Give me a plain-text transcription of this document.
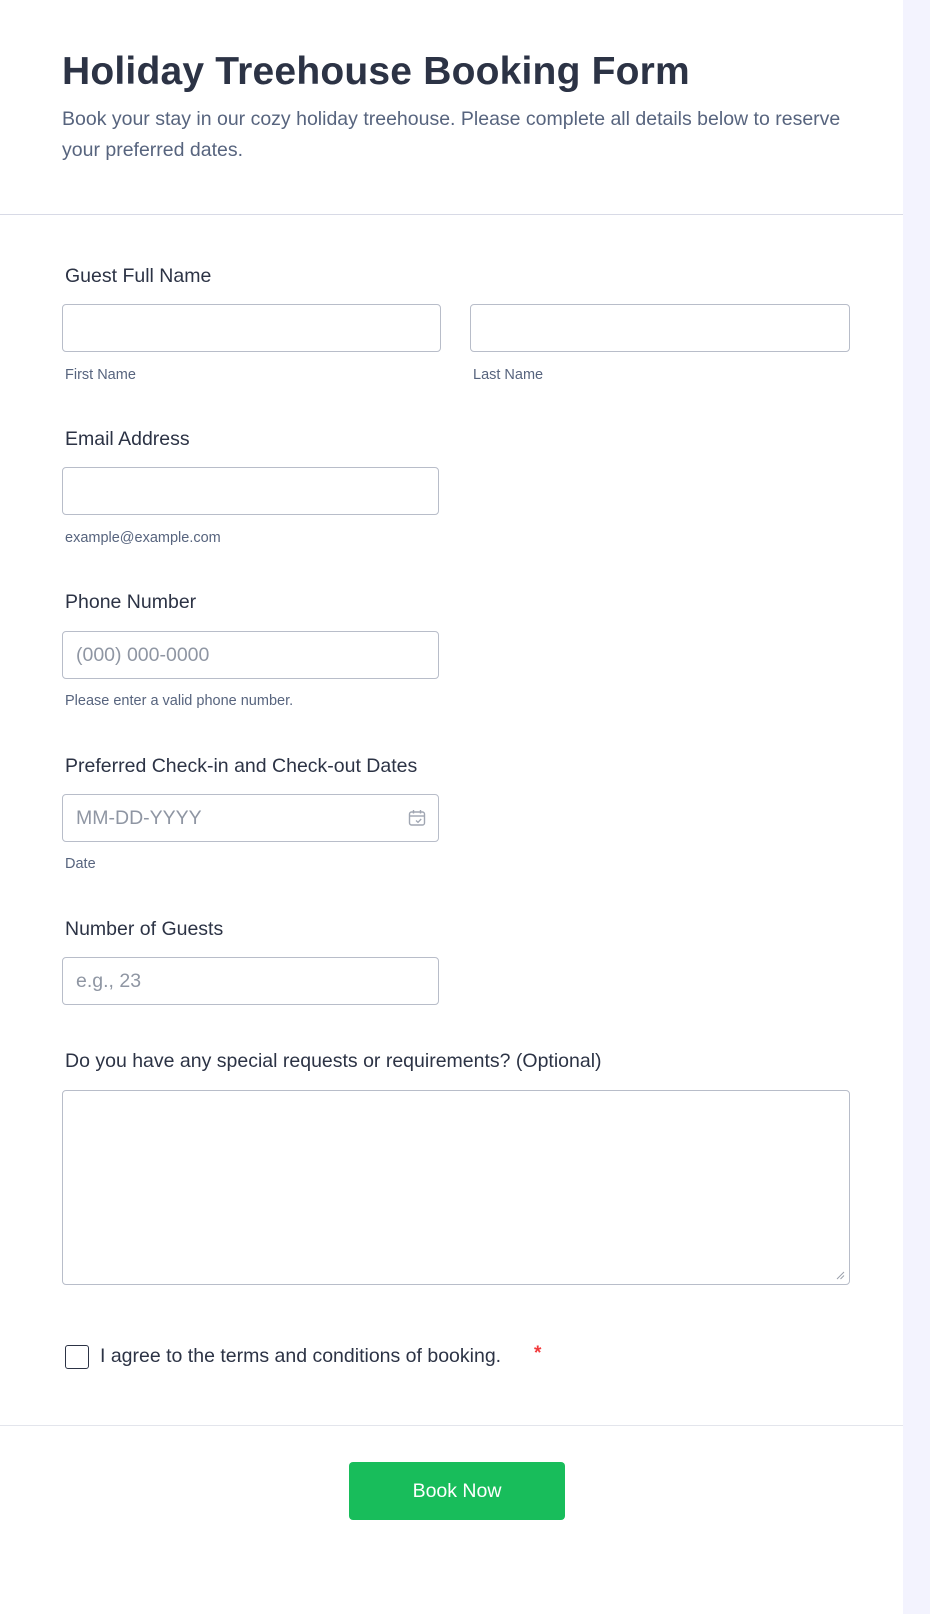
Holiday Treehouse Booking Form

Book your stay in our cozy holiday treehouse. Please complete all details below to reserve your preferred dates.

Guest Full Name
First Name	Last Name
Email Address
example@example.com
Phone Number
(000) 000-0000
Please enter a valid phone number.
Preferred Check-in and Check-out Dates
MM-DD-YYYY
Date
Number of Guests
e.g., 23
Do you have any special requests or requirements? (Optional)
I agree to the terms and conditions of booking. *
Book Now
